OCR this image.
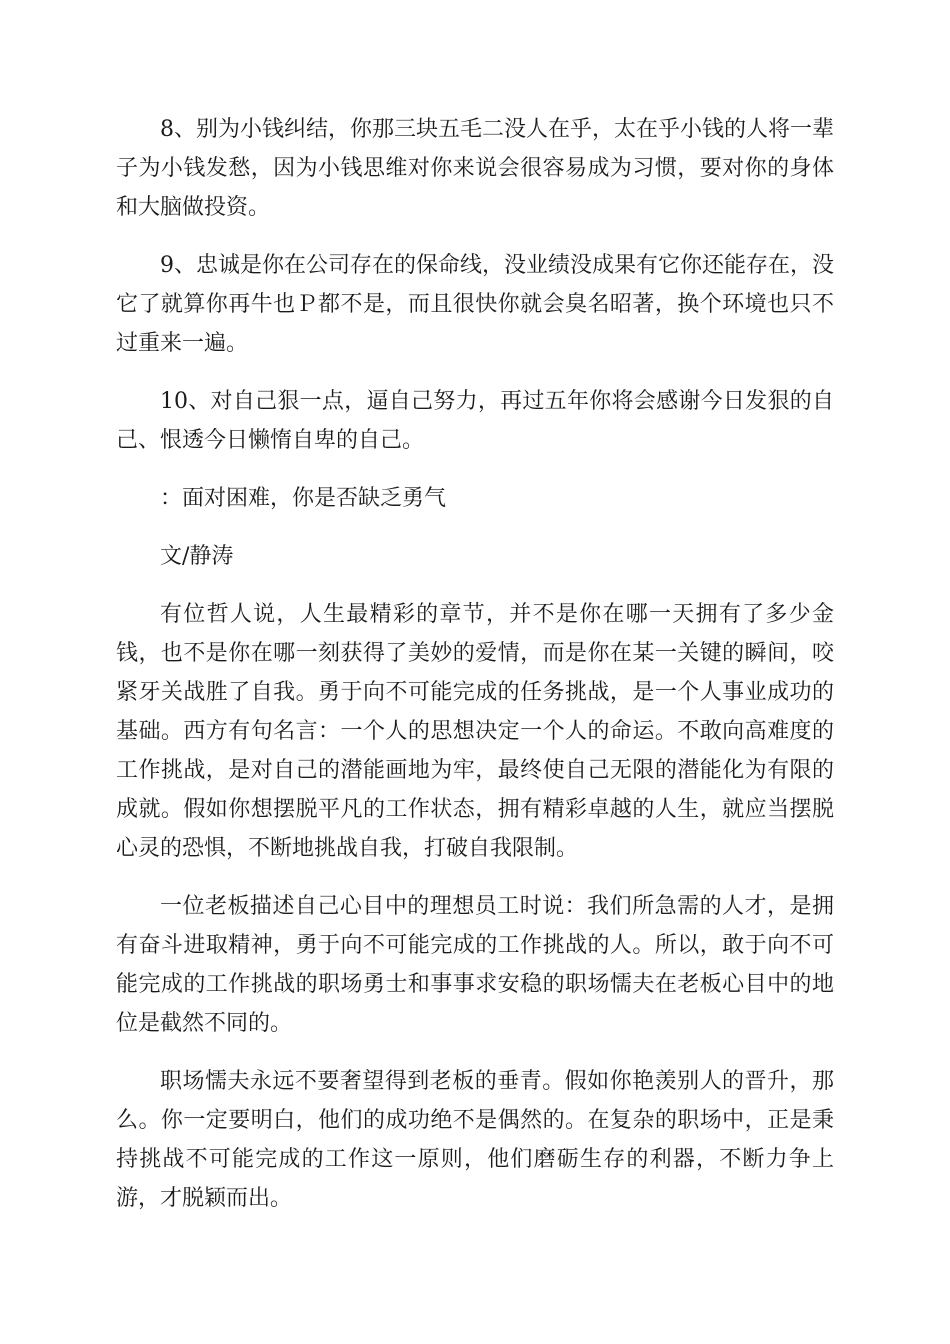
8、别为小钱纠结，你那三块五毛二没人在乎，太在乎小钱的人将一辈子为小钱发愁，因为小钱思维对你来说会很容易成为习惯，要对你的身体和大脑做投资。

9、忠诚是你在公司存在的保命线，没业绩没成果有它你还能存在，没它了就算你再牛也Ｐ都不是，而且很快你就会臭名昭著，换个环境也只不过重来一遍。

10、对自己狠一点，逼自己努力，再过五年你将会感谢今日发狠的自己、恨透今日懒惰自卑的自己。

：面对困难，你是否缺乏勇气

文/静涛

有位哲人说，人生最精彩的章节，并不是你在哪一天拥有了多少金钱，也不是你在哪一刻获得了美妙的爱情，而是你在某一关键的瞬间，咬紧牙关战胜了自我。勇于向不可能完成的任务挑战，是一个人事业成功的基础。西方有句名言：一个人的思想决定一个人的命运。不敢向高难度的工作挑战，是对自己的潜能画地为牢，最终使自己无限的潜能化为有限的成就。假如你想摆脱平凡的工作状态，拥有精彩卓越的人生，就应当摆脱心灵的恐惧，不断地挑战自我，打破自我限制。

一位老板描述自己心目中的理想员工时说：我们所急需的人才，是拥有奋斗进取精神，勇于向不可能完成的工作挑战的人。所以，敢于向不可能完成的工作挑战的职场勇士和事事求安稳的职场懦夫在老板心目中的地位是截然不同的。

职场懦夫永远不要奢望得到老板的垂青。假如你艳羡别人的晋升，那么。你一定要明白，他们的成功绝不是偶然的。在复杂的职场中，正是秉持挑战不可能完成的工作这一原则，他们磨砺生存的利器，不断力争上游，才脱颖而出。
